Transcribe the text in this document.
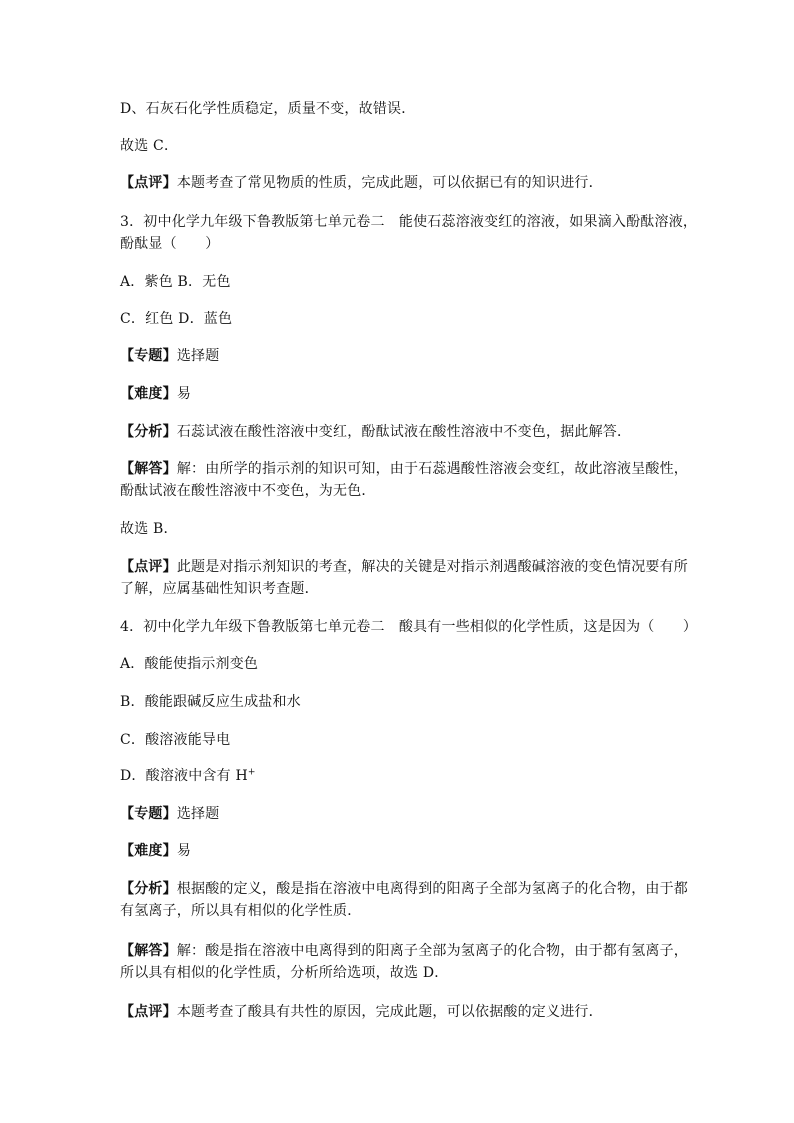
D、石灰石化学性质稳定，质量不变，故错误．
故选 C．
【点评】本题考查了常见物质的性质，完成此题，可以依据已有的知识进行．
3．初中化学九年级下鲁教版第七单元卷二　能使石蕊溶液变红的溶液，如果滴入酚酞溶液，
酚酞显（　　）
A．紫色 B．无色
C．红色 D．蓝色
【专题】选择题
【难度】易
【分析】石蕊试液在酸性溶液中变红，酚酞试液在酸性溶液中不变色，据此解答．
【解答】解：由所学的指示剂的知识可知，由于石蕊遇酸性溶液会变红，故此溶液呈酸性，
酚酞试液在酸性溶液中不变色，为无色．
故选 B．
【点评】此题是对指示剂知识的考查，解决的关键是对指示剂遇酸碱溶液的变色情况要有所
了解，应属基础性知识考查题．
4．初中化学九年级下鲁教版第七单元卷二　酸具有一些相似的化学性质，这是因为（　　）
A．酸能使指示剂变色
B．酸能跟碱反应生成盐和水
C．酸溶液能导电
D．酸溶液中含有 H+
【专题】选择题
【难度】易
【分析】根据酸的定义，酸是指在溶液中电离得到的阳离子全部为氢离子的化合物，由于都
有氢离子，所以具有相似的化学性质．
【解答】解：酸是指在溶液中电离得到的阳离子全部为氢离子的化合物，由于都有氢离子，
所以具有相似的化学性质，分析所给选项，故选 D．
【点评】本题考查了酸具有共性的原因，完成此题，可以依据酸的定义进行．
